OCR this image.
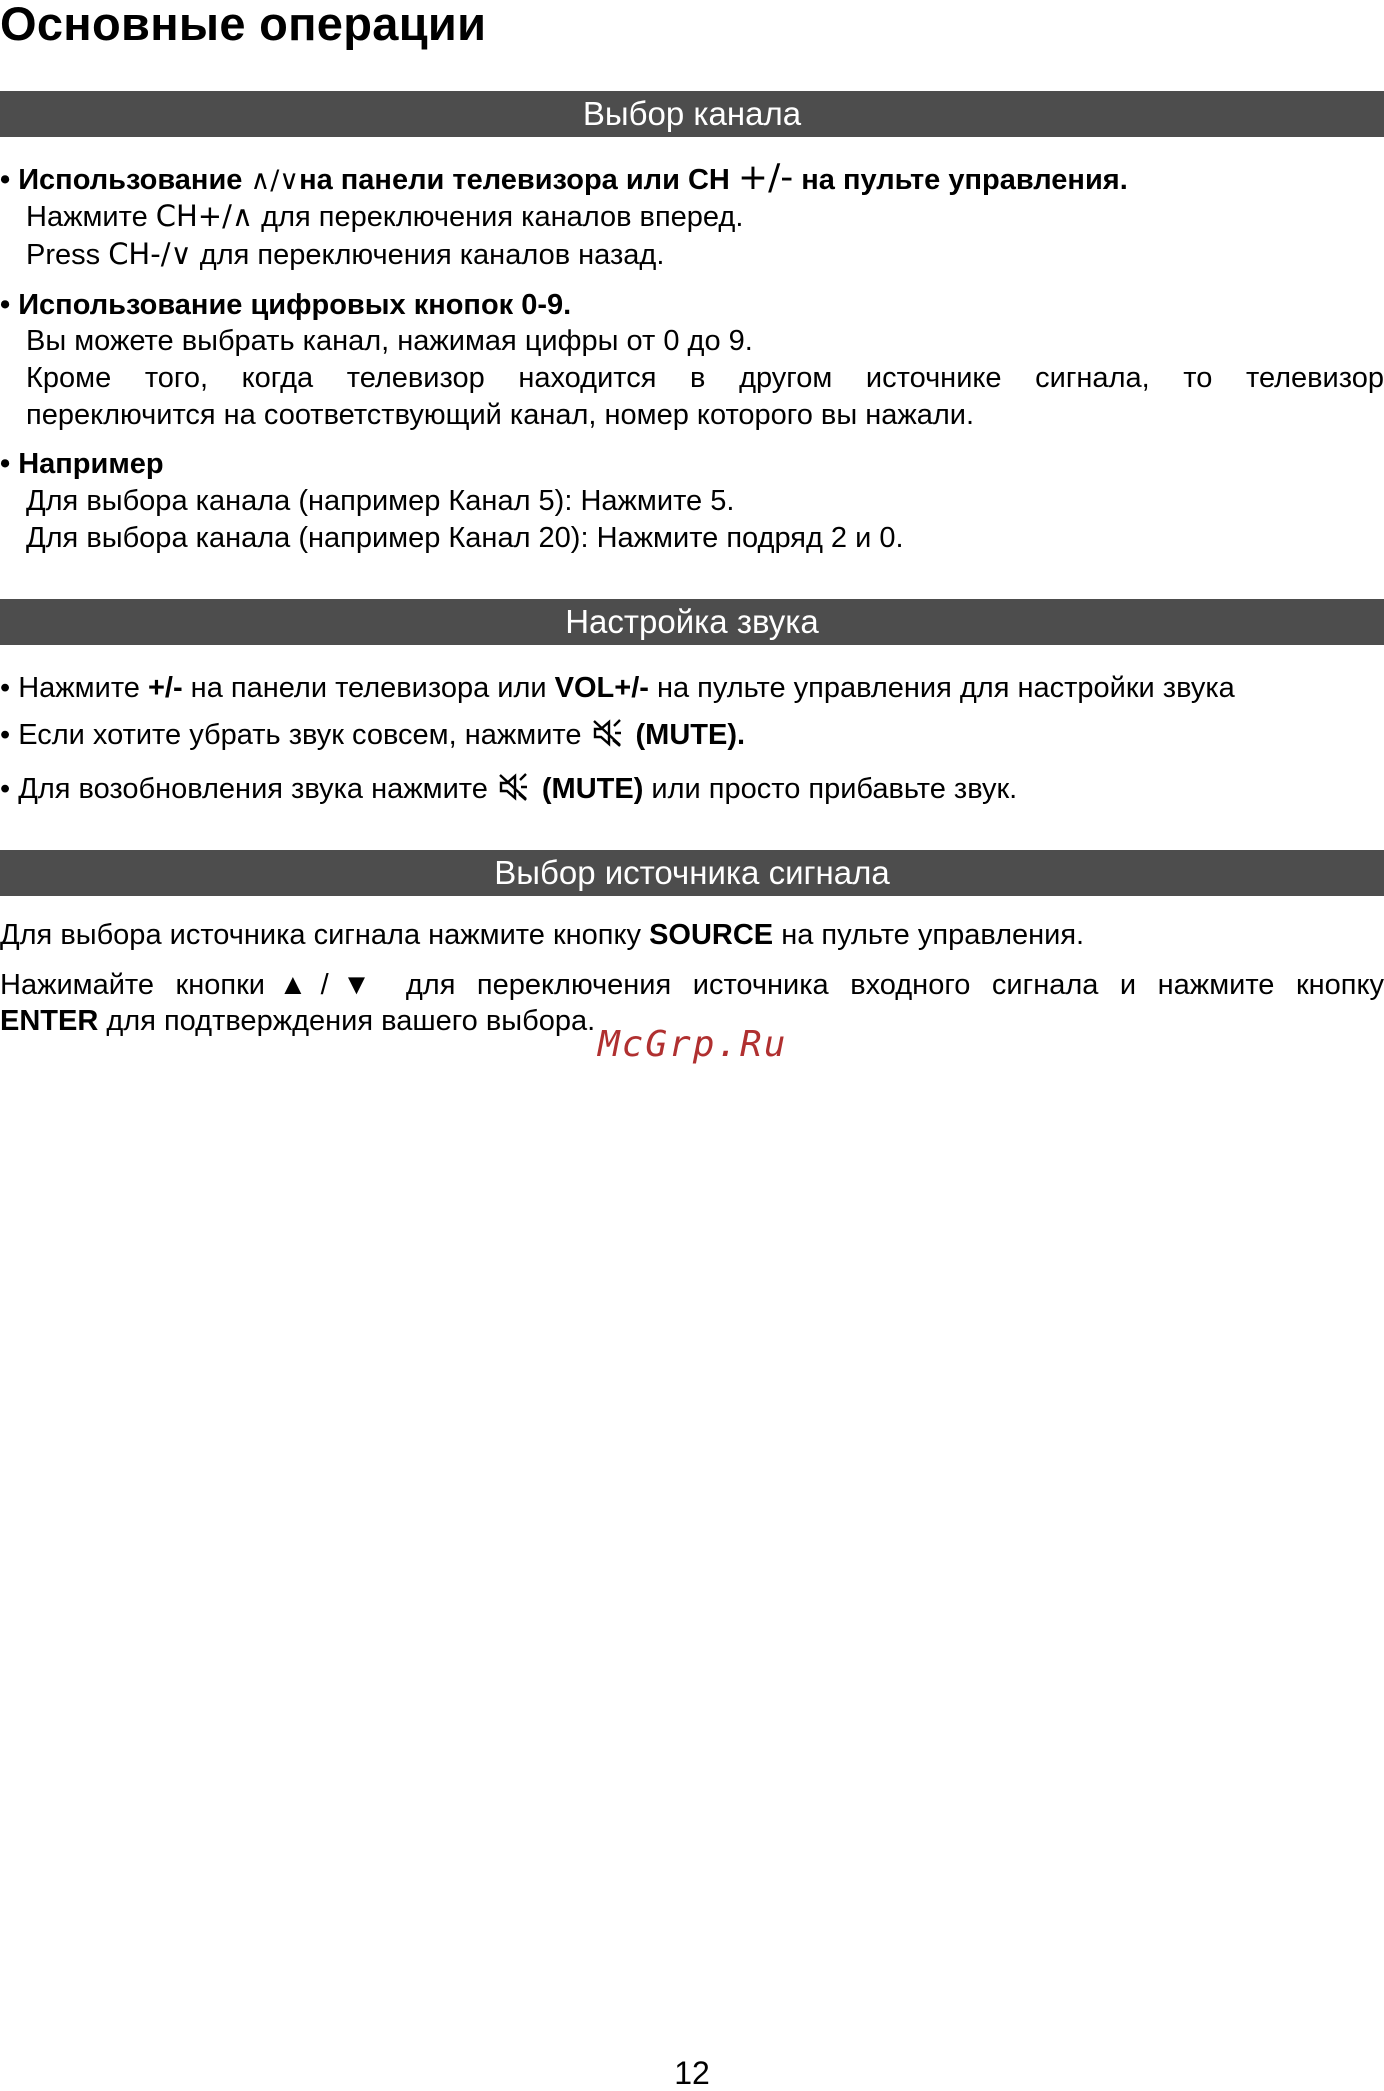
Основные операции
Выбор канала
• Использование ∧/∨на панели телевизора или CH +/- на пульте управления.
Нажмите CH+/∧ для переключения каналов вперед.
Press CH-/∨ для переключения каналов назад.
• Использование цифровых кнопок 0-9.
Вы можете выбрать канал, нажимая цифры от 0 до 9.
Кроме того, когда телевизор находится в другом источнике сигнала, то телевизор
переключится на соответствующий канал, номер которого вы нажали.
• Например
Для выбора канала (например Канал 5): Нажмите 5.
Для выбора канала (например Канал 20): Нажмите подряд 2 и 0.
Настройка звука
• Нажмите +/- на панели телевизора или VOL+/- на пульте управления для настройки звука
• Если хотите убрать звук совсем, нажмите (MUTE).
• Для возобновления звука нажмите (MUTE) или просто прибавьте звук.
Выбор источника сигнала
Для выбора источника сигнала нажмите кнопку SOURCE на пульте управления.
Нажимайте кнопки▲/▼ для переключения источника входного сигнала и нажмите кнопку
ENTER для подтверждения вашего выбора.
McGrp.Ru
12
